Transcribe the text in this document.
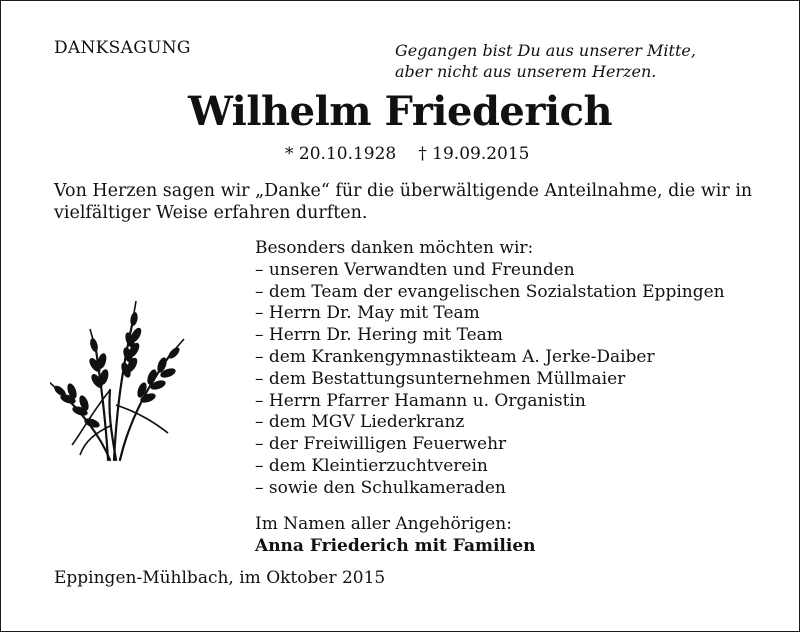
DANKSAGUNG	Gegangen bist Du aus unserer Mitte,
aber nicht aus unserem Herzen.
Wilhelm Friederich
* 20.10.1928 † 19.09.2015
Von Herzen sagen wir „Danke“ für die überwältigende Anteilnahme, die wir in vielfältiger Weise erfahren durften.
Besonders danken möchten wir:
– unseren Verwandten und Freunden
– dem Team der evangelischen Sozialstation Eppingen
– Herrn Dr. May mit Team
– Herrn Dr. Hering mit Team
– dem Krankengymnastikteam A. Jerke-Daiber
– dem Bestattungsunternehmen Müllmaier
– Herrn Pfarrer Hamann u. Organistin
– dem MGV Liederkranz
– der Freiwilligen Feuerwehr
– dem Kleintierzuchtverein
– sowie den Schulkameraden
Im Namen aller Angehörigen:
Anna Friederich mit Familien
Eppingen-Mühlbach, im Oktober 2015
